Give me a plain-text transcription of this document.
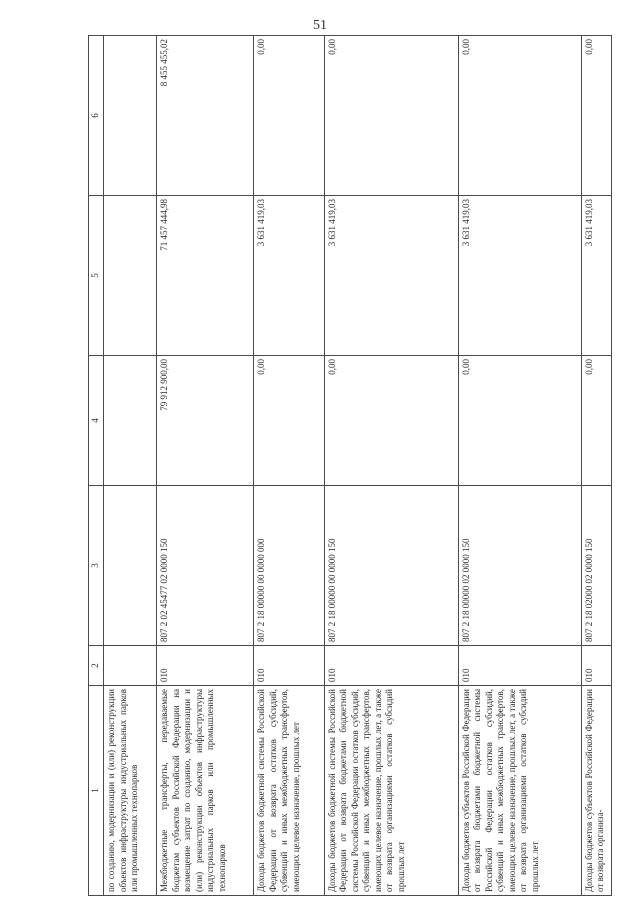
51
1	2	3	4	5	6
по созданию, модернизации и (или) реконструкции объектов инфраструктуры индустриальных парков или промышленных технопарков					
Межбюджетные трансферты, передаваемые бюджетам субъектов Российской Федерации на возмещение затрат по созданию, модернизации и (или) реконструкции объектов инфраструктуры индустриальных парков или промышленных технопарков	010	807 2 02 45477 02 0000 150	79 912 900,00	71 457 444,98	8 455 455,02
Доходы бюджетов бюджетной системы Российской Федерации от возврата остатков субсидий, субвенций и иных межбюджетных трансфертов, имеющих целевое назначение, прошлых лет	010	807 2 18 00000 00 0000 000	0,00	3 631 419,03	0,00
Доходы бюджетов бюджетной системы Российской Федерации от возврата бюджетами бюджетной системы Российской Федерации остатков субсидий, субвенций и иных межбюджетных трансфертов, имеющих целевое назначение, прошлых лет, а также от возврата организациями остатков субсидий прошлых лет	010	807 2 18 00000 00 0000 150	0,00	3 631 419,03	0,00
Доходы бюджетов субъектов Российской Федерации от возврата бюджетами бюджетной системы Российской Федерации остатков субсидий, субвенций и иных межбюджетных трансфертов, имеющих целевое назначение, прошлых лет, а также от возврата организациями остатков субсидий прошлых лет	010	807 2 18 00000 02 0000 150	0,00	3 631 419,03	0,00
Доходы бюджетов субъектов Российской Федерации от возврата организа-	010	807 2 18 02000 02 0000 150	0,00	3 631 419,03	0,00
